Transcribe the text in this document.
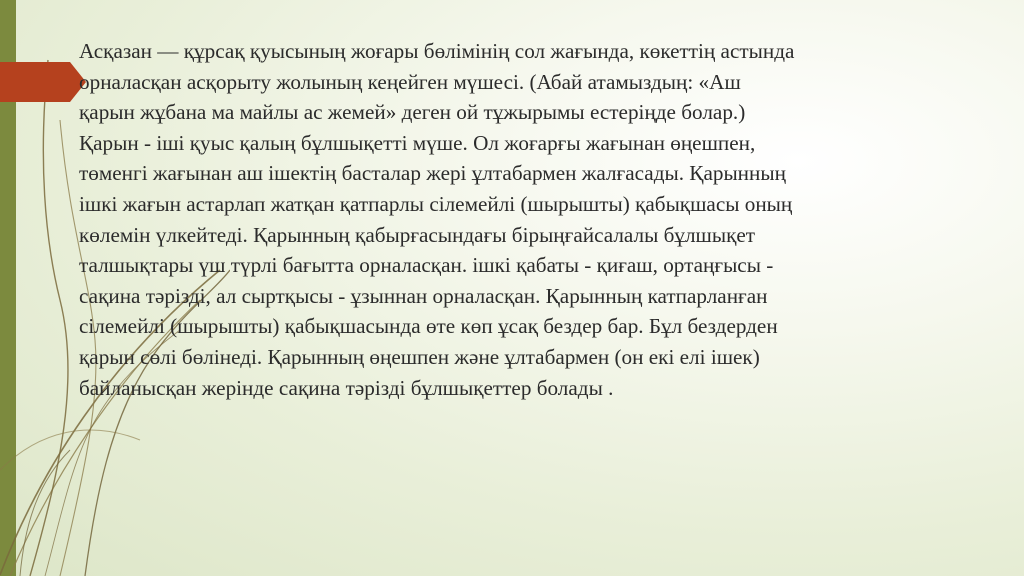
Асқазан — құрсақ қуысының жоғары бөлімінің сол жағында, көкеттің астында
орналасқан асқорыту жолының кеңейген мүшесі. (Абай атамыздың: «Аш
қарын жұбана ма майлы ас жемей» деген ой тұжырымы естеріңде болар.)
Қарын - іші қуыс қалың бұлшықетті мүше. Ол жоғарғы жағынан өңешпен,
төменгі жағынан аш ішектің басталар жері ұлтабармен жалғасады. Қарынның
ішкі жағын астарлап жатқан қатпарлы сілемейлі (шырышты) қабықшасы оның
көлемін үлкейтеді. Қарынның қабырғасындағы бірыңғайсалалы бұлшықет
талшықтары үш түрлі бағытта орналасқан. ішкі қабаты - қиғаш, ортаңғысы -
сақина тәрізді, ал сыртқысы - ұзыннан орналасқан. Қарынның катпарланған
сілемейлі (шырышты) қабықшасында өте көп ұсақ бездер бар. Бұл бездерден
қарын сөлі бөлінеді. Қарынның өңешпен және ұлтабармен (он екі елі ішек)
байланысқан жерінде сақина тәрізді бұлшықеттер болады .
